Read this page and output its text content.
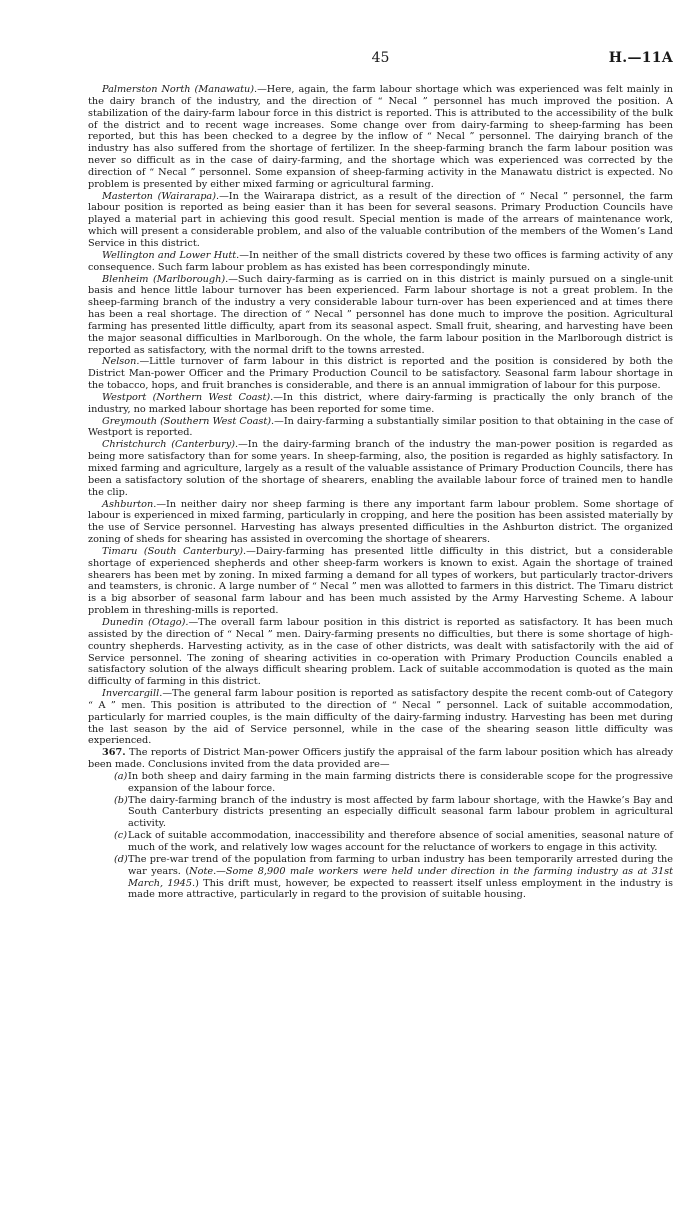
45	H.—11A

Palmerston North (Manawatu).—Here, again, the farm labour shortage which was experienced was felt mainly in the dairy branch of the industry, and the direction of “ Necal ” personnel has much improved the position. A stabilization of the dairy-farm labour force in this district is reported. This is attributed to the accessibility of the bulk of the district and to recent wage increases. Some change over from dairy-farming to sheep-farming has been reported, but this has been checked to a degree by the inflow of “ Necal ” personnel. The dairying branch of the industry has also suffered from the shortage of fertilizer. In the sheep-farming branch the farm labour position was never so difficult as in the case of dairy-farming, and the shortage which was experienced was corrected by the direction of “ Necal ” personnel. Some expansion of sheep-farming activity in the Manawatu district is expected. No problem is presented by either mixed farming or agricultural farming.

Masterton (Wairarapa).—In the Wairarapa district, as a result of the direction of “ Necal ” personnel, the farm labour position is reported as being easier than it has been for several seasons. Primary Production Councils have played a material part in achieving this good result. Special mention is made of the arrears of maintenance work, which will present a considerable problem, and also of the valuable contribution of the members of the Women’s Land Service in this district.

Wellington and Lower Hutt.—In neither of the small districts covered by these two offices is farming activity of any consequence. Such farm labour problem as has existed has been correspondingly minute.

Blenheim (Marlborough).—Such dairy-farming as is carried on in this district is mainly pursued on a single-unit basis and hence little labour turnover has been experienced. Farm labour shortage is not a great problem. In the sheep-farming branch of the industry a very considerable labour turn-over has been experienced and at times there has been a real shortage. The direction of “ Necal ” personnel has done much to improve the position. Agricultural farming has presented little difficulty, apart from its seasonal aspect. Small fruit, shearing, and harvesting have been the major seasonal difficulties in Marlborough. On the whole, the farm labour position in the Marlborough district is reported as satisfactory, with the normal drift to the towns arrested.

Nelson.—Little turnover of farm labour in this district is reported and the position is considered by both the District Man-power Officer and the Primary Production Council to be satisfactory. Seasonal farm labour shortage in the tobacco, hops, and fruit branches is considerable, and there is an annual immigration of labour for this purpose.

Westport (Northern West Coast).—In this district, where dairy-farming is practically the only branch of the industry, no marked labour shortage has been reported for some time.

Greymouth (Southern West Coast).—In dairy-farming a substantially similar position to that obtaining in the case of Westport is reported.

Christchurch (Canterbury).—In the dairy-farming branch of the industry the man-power position is regarded as being more satisfactory than for some years. In sheep-farming, also, the position is regarded as highly satisfactory. In mixed farming and agriculture, largely as a result of the valuable assistance of Primary Production Councils, there has been a satisfactory solution of the shortage of shearers, enabling the available labour force of trained men to handle the clip.

Ashburton.—In neither dairy nor sheep farming is there any important farm labour problem. Some shortage of labour is experienced in mixed farming, particularly in cropping, and here the position has been assisted materially by the use of Service personnel. Harvesting has always presented difficulties in the Ashburton district. The organized zoning of sheds for shearing has assisted in overcoming the shortage of shearers.

Timaru (South Canterbury).—Dairy-farming has presented little difficulty in this district, but a considerable shortage of experienced shepherds and other sheep-farm workers is known to exist. Again the shortage of trained shearers has been met by zoning. In mixed farming a demand for all types of workers, but particularly tractor-drivers and teamsters, is chronic. A large number of “ Necal ” men was allotted to farmers in this district. The Timaru district is a big absorber of seasonal farm labour and has been much assisted by the Army Harvesting Scheme. A labour problem in threshing-mills is reported.

Dunedin (Otago).—The overall farm labour position in this district is reported as satisfactory. It has been much assisted by the direction of “ Necal ” men. Dairy-farming presents no difficulties, but there is some shortage of high-country shepherds. Harvesting activity, as in the case of other districts, was dealt with satisfactorily with the aid of Service personnel. The zoning of shearing activities in co-operation with Primary Production Councils enabled a satisfactory solution of the always difficult shearing problem. Lack of suitable accommodation is quoted as the main difficulty of farming in this district.

Invercargill.—The general farm labour position is reported as satisfactory despite the recent comb-out of Category “ A ” men. This position is attributed to the direction of “ Necal ” personnel. Lack of suitable accommodation, particularly for married couples, is the main difficulty of the dairy-farming industry. Harvesting has been met during the last season by the aid of Service personnel, while in the case of the shearing season little difficulty was experienced.

367. The reports of District Man-power Officers justify the appraisal of the farm labour position which has already been made. Conclusions invited from the data provided are—

(a) In both sheep and dairy farming in the main farming districts there is considerable scope for the progressive expansion of the labour force.
(b) The dairy-farming branch of the industry is most affected by farm labour shortage, with the Hawke’s Bay and South Canterbury districts presenting an especially difficult seasonal farm labour problem in agricultural activity.
(c) Lack of suitable accommodation, inaccessibility and therefore absence of social amenities, seasonal nature of much of the work, and relatively low wages account for the reluctance of workers to engage in this activity.
(d) The pre-war trend of the population from farming to urban industry has been temporarily arrested during the war years. (Note.—Some 8,900 male workers were held under direction in the farming industry as at 31st March, 1945.) This drift must, however, be expected to reassert itself unless employment in the industry is made more attractive, particularly in regard to the provision of suitable housing.
